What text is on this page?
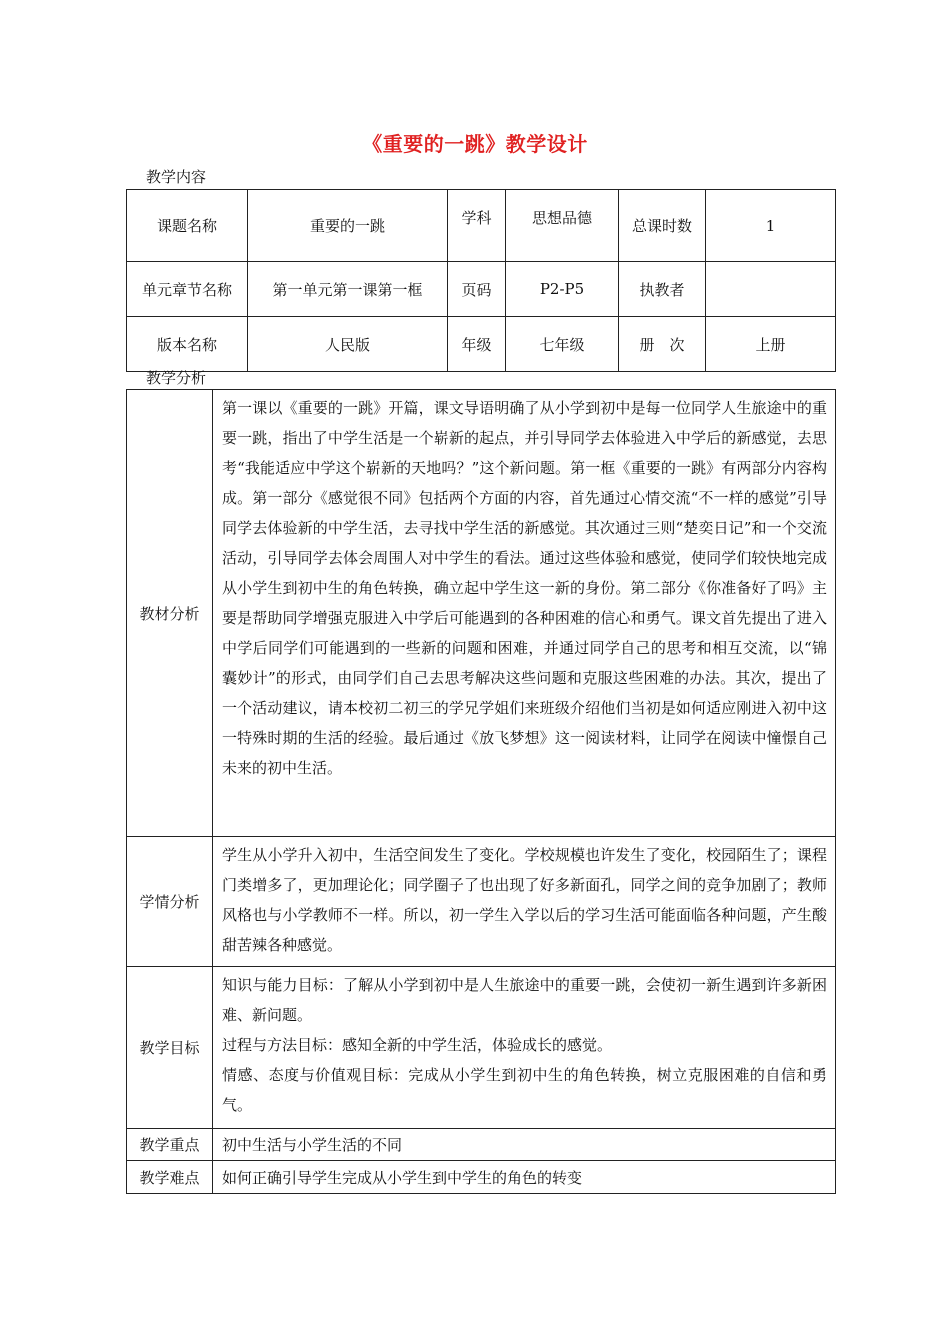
《重要的一跳》教学设计
教学内容
课题名称	重要的一跳	学科	思想品德	总课时数	1
单元章节名称	第一单元第一课第一框	页码	P2-P5	执教者	
版本名称	人民版	年级	七年级	册　次	上册
教学分析
教材分析	第一课以《重要的一跳》开篇，课文导语明确了从小学到初中是每一位同学人生旅途中的重要一跳，指出了中学生活是一个崭新的起点，并引导同学去体验进入中学后的新感觉，去思考“我能适应中学这个崭新的天地吗？”这个新问题。第一框《重要的一跳》有两部分内容构成。第一部分《感觉很不同》包括两个方面的内容，首先通过心情交流“不一样的感觉”引导同学去体验新的中学生活，去寻找中学生活的新感觉。其次通过三则“楚奕日记”和一个交流活动，引导同学去体会周围人对中学生的看法。通过这些体验和感觉，使同学们较快地完成从小学生到初中生的角色转换，确立起中学生这一新的身份。第二部分《你准备好了吗》主要是帮助同学增强克服进入中学后可能遇到的各种困难的信心和勇气。课文首先提出了进入中学后同学们可能遇到的一些新的问题和困难，并通过同学自己的思考和相互交流，以“锦囊妙计”的形式，由同学们自己去思考解决这些问题和克服这些困难的办法。其次，提出了一个活动建议，请本校初二初三的学兄学姐们来班级介绍他们当初是如何适应刚进入初中这一特殊时期的生活的经验。最后通过《放飞梦想》这一阅读材料，让同学在阅读中憧憬自己未来的初中生活。
学情分析	学生从小学升入初中，生活空间发生了变化。学校规模也许发生了变化，校园陌生了；课程门类增多了，更加理论化；同学圈子了也出现了好多新面孔，同学之间的竞争加剧了；教师风格也与小学教师不一样。所以，初一学生入学以后的学习生活可能面临各种问题，产生酸甜苦辣各种感觉。
教学目标	知识与能力目标：了解从小学到初中是人生旅途中的重要一跳，会使初一新生遇到许多新困难、新问题。

过程与方法目标：感知全新的中学生活，体验成长的感觉。

情感、态度与价值观目标：完成从小学生到初中生的角色转换，树立克服困难的自信和勇气。

教学重点	初中生活与小学生活的不同
教学难点	如何正确引导学生完成从小学生到中学生的角色的转变
